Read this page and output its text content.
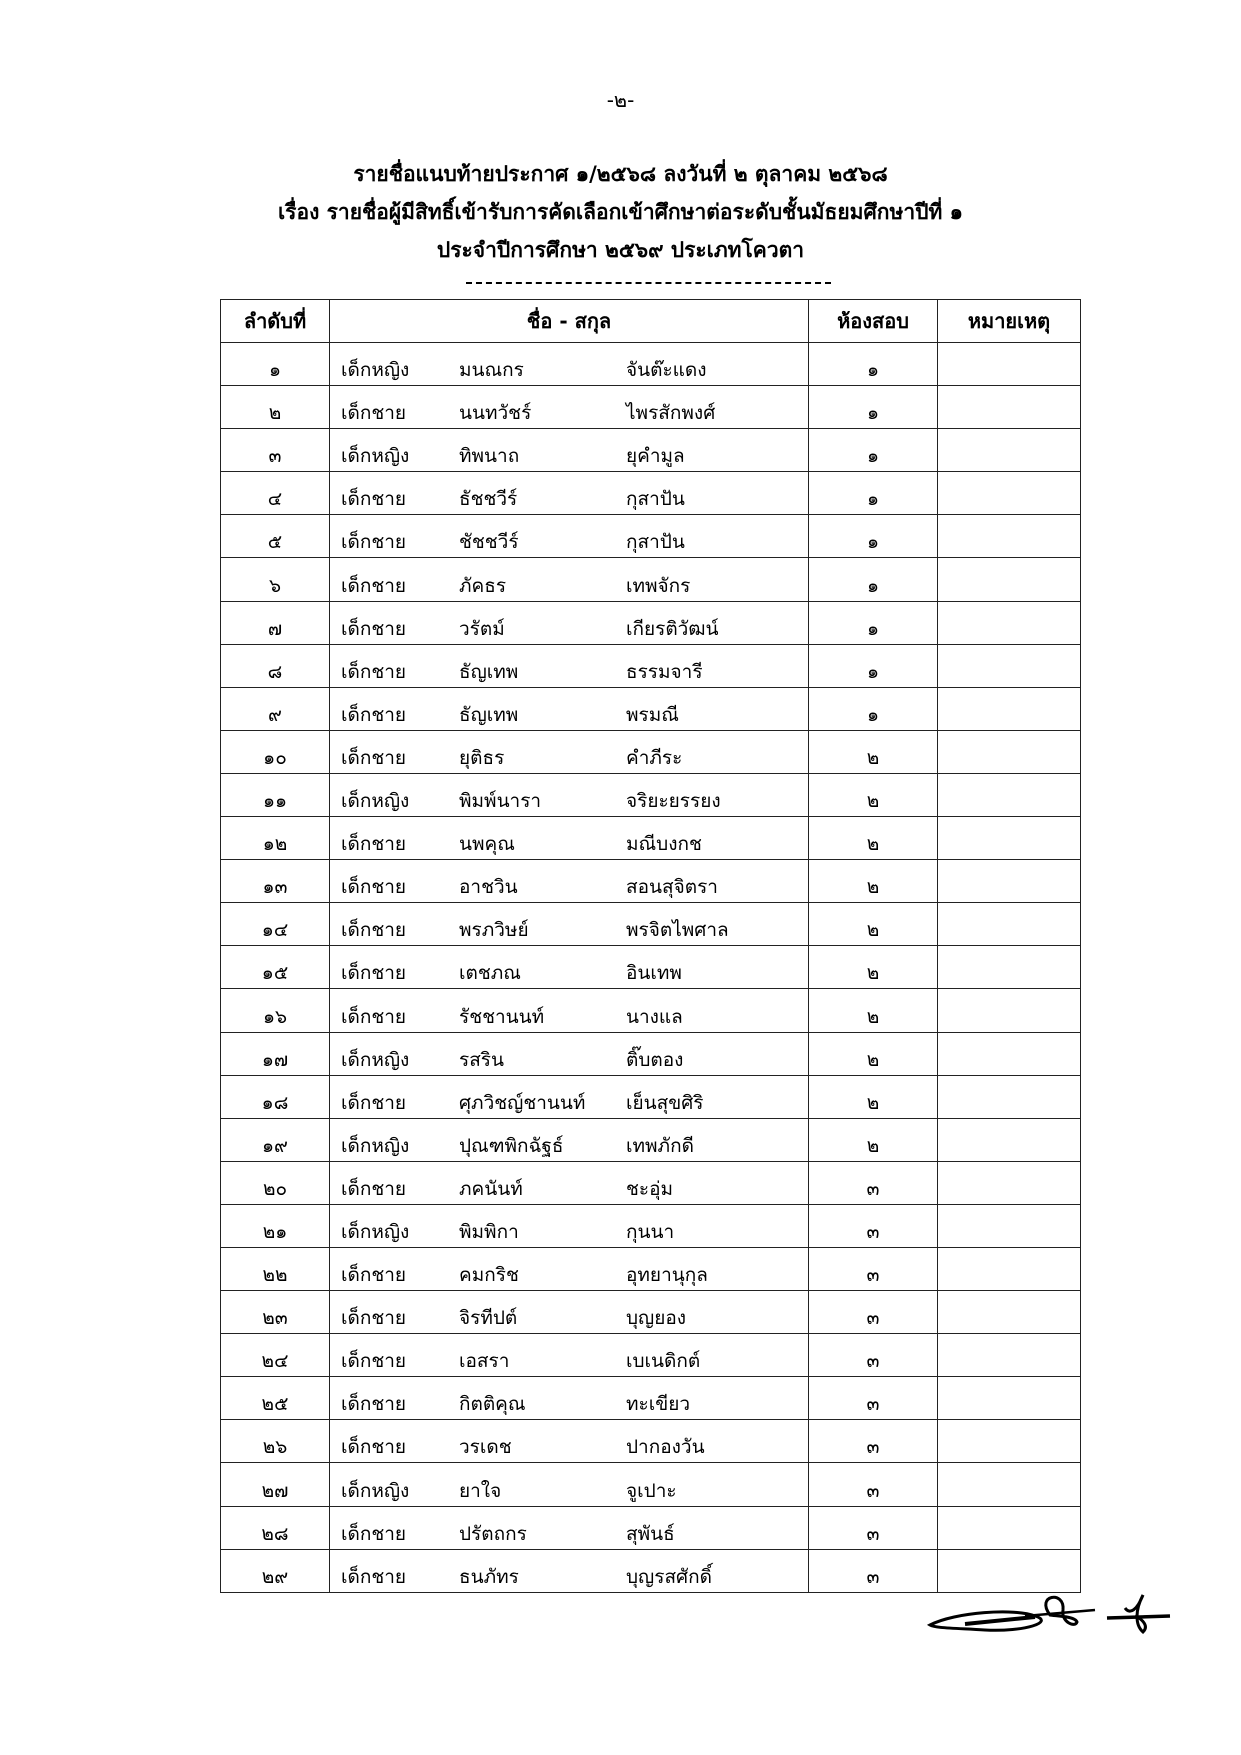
-๒-
รายชื่อแนบท้ายประกาศ ๑/๒๕๖๘ ลงวันที่ ๒ ตุลาคม ๒๕๖๘
เรื่อง รายชื่อผู้มีสิทธิ์เข้ารับการคัดเลือกเข้าศึกษาต่อระดับชั้นมัธยมศึกษาปีที่ ๑
ประจำปีการศึกษา ๒๕๖๙ ประเภทโควตา
ลำดับที่	ชื่อ - สกุล	ห้องสอบ	หมายเหตุ
๑	เด็กหญิง มนณกร จันต๊ะแดง	๑	
๒	เด็กชาย นนทวัชร์ ไพรสักพงศ์	๑	
๓	เด็กหญิง ทิพนาถ ยุคำมูล	๑	
๔	เด็กชาย ธัชชวีร์ กุสาปัน	๑	
๕	เด็กชาย ชัชชวีร์ กุสาปัน	๑	
๖	เด็กชาย ภัคธร เทพจักร	๑	
๗	เด็กชาย วรัตม์ เกียรติวัฒน์	๑	
๘	เด็กชาย ธัญเทพ ธรรมจารี	๑	
๙	เด็กชาย ธัญเทพ พรมณี	๑	
๑๐	เด็กชาย ยุติธร คำภีระ	๒	
๑๑	เด็กหญิง พิมพ์นารา จริยะยรรยง	๒	
๑๒	เด็กชาย นพคุณ มณีบงกช	๒	
๑๓	เด็กชาย อาชวิน สอนสุจิตรา	๒	
๑๔	เด็กชาย พรภวิษย์ พรจิตไพศาล	๒	
๑๕	เด็กชาย เตชภณ อินเทพ	๒	
๑๖	เด็กชาย รัชชานนท์ นางแล	๒	
๑๗	เด็กหญิง รสริน ติ๊บตอง	๒	
๑๘	เด็กชาย ศุภวิชญ์ชานนท์ เย็นสุขศิริ	๒	
๑๙	เด็กหญิง ปุณฑพิกฉัฐธ์ เทพภักดี	๒	
๒๐	เด็กชาย ภคนันท์ ชะอุ่ม	๓	
๒๑	เด็กหญิง พิมพิกา กุนนา	๓	
๒๒	เด็กชาย คมกริช อุทยานุกุล	๓	
๒๓	เด็กชาย จิรทีปต์ บุญยอง	๓	
๒๔	เด็กชาย เอสรา เบเนดิกต์	๓	
๒๕	เด็กชาย กิตติคุณ ทะเขียว	๓	
๒๖	เด็กชาย วรเดช ปากองวัน	๓	
๒๗	เด็กหญิง ยาใจ จูเปาะ	๓	
๒๘	เด็กชาย ปรัตถกร สุพันธ์	๓	
๒๙	เด็กชาย ธนภัทร บุญรสศักดิ์	๓	
